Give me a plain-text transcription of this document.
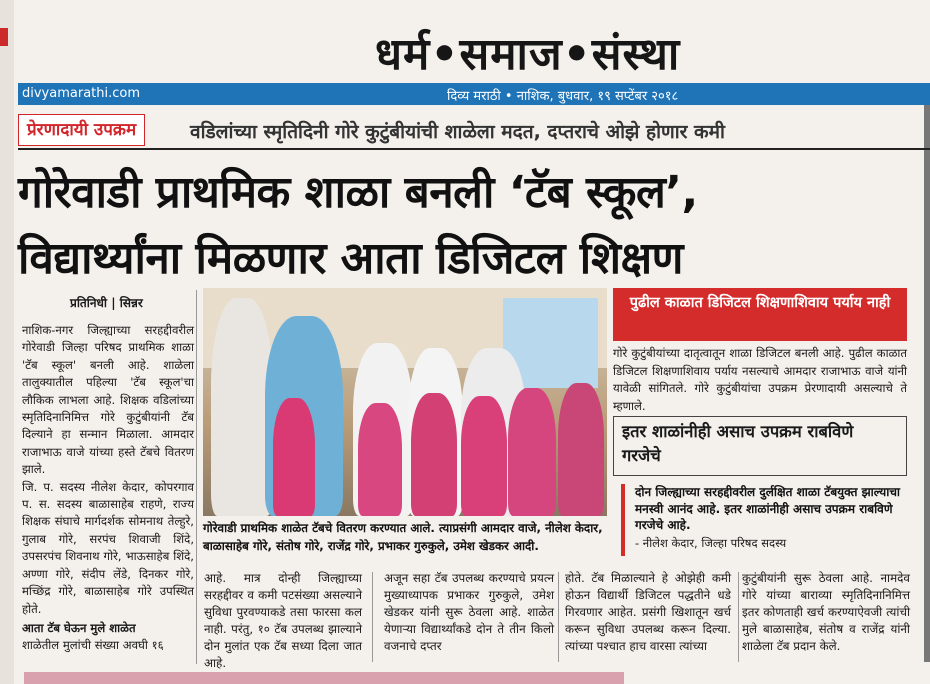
धर्म•समाज•संस्था
divyamarathi.com	दिव्य मराठी • नाशिक, बुधवार, १९ सप्टेंबर २०१८
प्रेरणादायी उपक्रम	वडिलांच्या स्मृतिदिनी गोरे कुटुंबीयांची शाळेला मदत, दप्तराचे ओझे होणार कमी
गोरेवाडी प्राथमिक शाळा बनली ‘टॅब स्कूल’,
विद्यार्थ्यांना मिळणार आता डिजिटल शिक्षण
प्रतिनिधी | सिन्नर

नाशिक-नगर जिल्ह्याच्या सरहद्दीवरील गोरेवाडी जिल्हा परिषद प्राथमिक शाळा 'टॅब स्कूल' बनली आहे. शाळेला तालुक्यातील पहिल्या 'टॅब स्कूल'चा लौकिक लाभला आहे. शिक्षक वडिलांच्या स्मृतिदिनानिमित्त गोरे कुटुंबीयांनी टॅब दिल्याने हा सन्मान मिळाला. आमदार राजाभाऊ वाजे यांच्या हस्ते टॅबचे वितरण झाले.

जि. प. सदस्य नीलेश केदार, कोपरगाव प. स. सदस्य बाळासाहेब राहणे, राज्य शिक्षक संघाचे मार्गदर्शक सोमनाथ तेल्हुरे, गुलाब गोरे, सरपंच शिवाजी शिंदे, उपसरपंच शिवनाथ गोरे, भाऊसाहेब शिंदे, अण्णा गोरे, संदीप लेंडे, दिनकर गोरे, मच्छिंद्र गोरे, बाळासाहेब गोरे उपस्थित होते.

आता टॅब घेऊन मुले शाळेत

शाळेतील मुलांची संख्या अवघी १६

गोरेवाडी प्राथमिक शाळेत टॅबचे वितरण करण्यात आले. त्याप्रसंगी आमदार वाजे, नीलेश केदार, बाळासाहेब गोरे, संतोष गोरे, राजेंद्र गोरे, प्रभाकर गुरुकुले, उमेश खेडकर आदी.
पुढील काळात डिजिटल शिक्षणाशिवाय पर्याय नाही
गोरे कुटुंबीयांच्या दातृत्वातून शाळा डिजिटल बनली आहे. पुढील काळात डिजिटल शिक्षणाशिवाय पर्याय नसल्याचे आमदार राजाभाऊ वाजे यांनी यावेळी सांगितले. गोरे कुटुंबीयांचा उपक्रम प्रेरणादायी असल्याचे ते म्हणाले.
इतर शाळांनीही असाच उपक्रम राबविणे गरजेचे
दोन जिल्ह्याच्या सरहद्दीवरील दुर्लक्षित शाळा टॅबयुक्त झाल्याचा मनस्वी आनंद आहे. इतर शाळांनीही असाच उपक्रम राबविणे गरजेचे आहे.
- नीलेश केदार, जिल्हा परिषद सदस्य
आहे. मात्र दोन्ही जिल्ह्याच्या सरहद्दीवर व कमी पटसंख्या असल्याने सुविधा पुरवण्याकडे तसा फारसा कल नाही. परंतु, १० टॅब उपलब्ध झाल्याने दोन मुलांत एक टॅब सध्या दिला जात आहे.
अजून सहा टॅब उपलब्ध करण्याचे प्रयत्न मुख्याध्यापक प्रभाकर गुरुकुले, उमेश खेडकर यांनी सुरू ठेवला आहे. शाळेत येणाऱ्या विद्यार्थ्यांकडे दोन ते तीन किलो वजनाचे दप्तर
होते. टॅब मिळाल्याने हे ओझेही कमी होऊन विद्यार्थी डिजिटल पद्धतीने धडे गिरवणार आहेत. प्रसंगी खिशातून खर्च करून सुविधा उपलब्ध करून दिल्या. त्यांच्या पश्चात हाच वारसा त्यांच्या
कुटुंबीयांनी सुरू ठेवला आहे. नामदेव गोरे यांच्या बाराव्या स्मृतिदिनानिमित्त इतर कोणताही खर्च करण्याऐवजी त्यांची मुले बाळासाहेब, संतोष व राजेंद्र यांनी शाळेला टॅब प्रदान केले.
